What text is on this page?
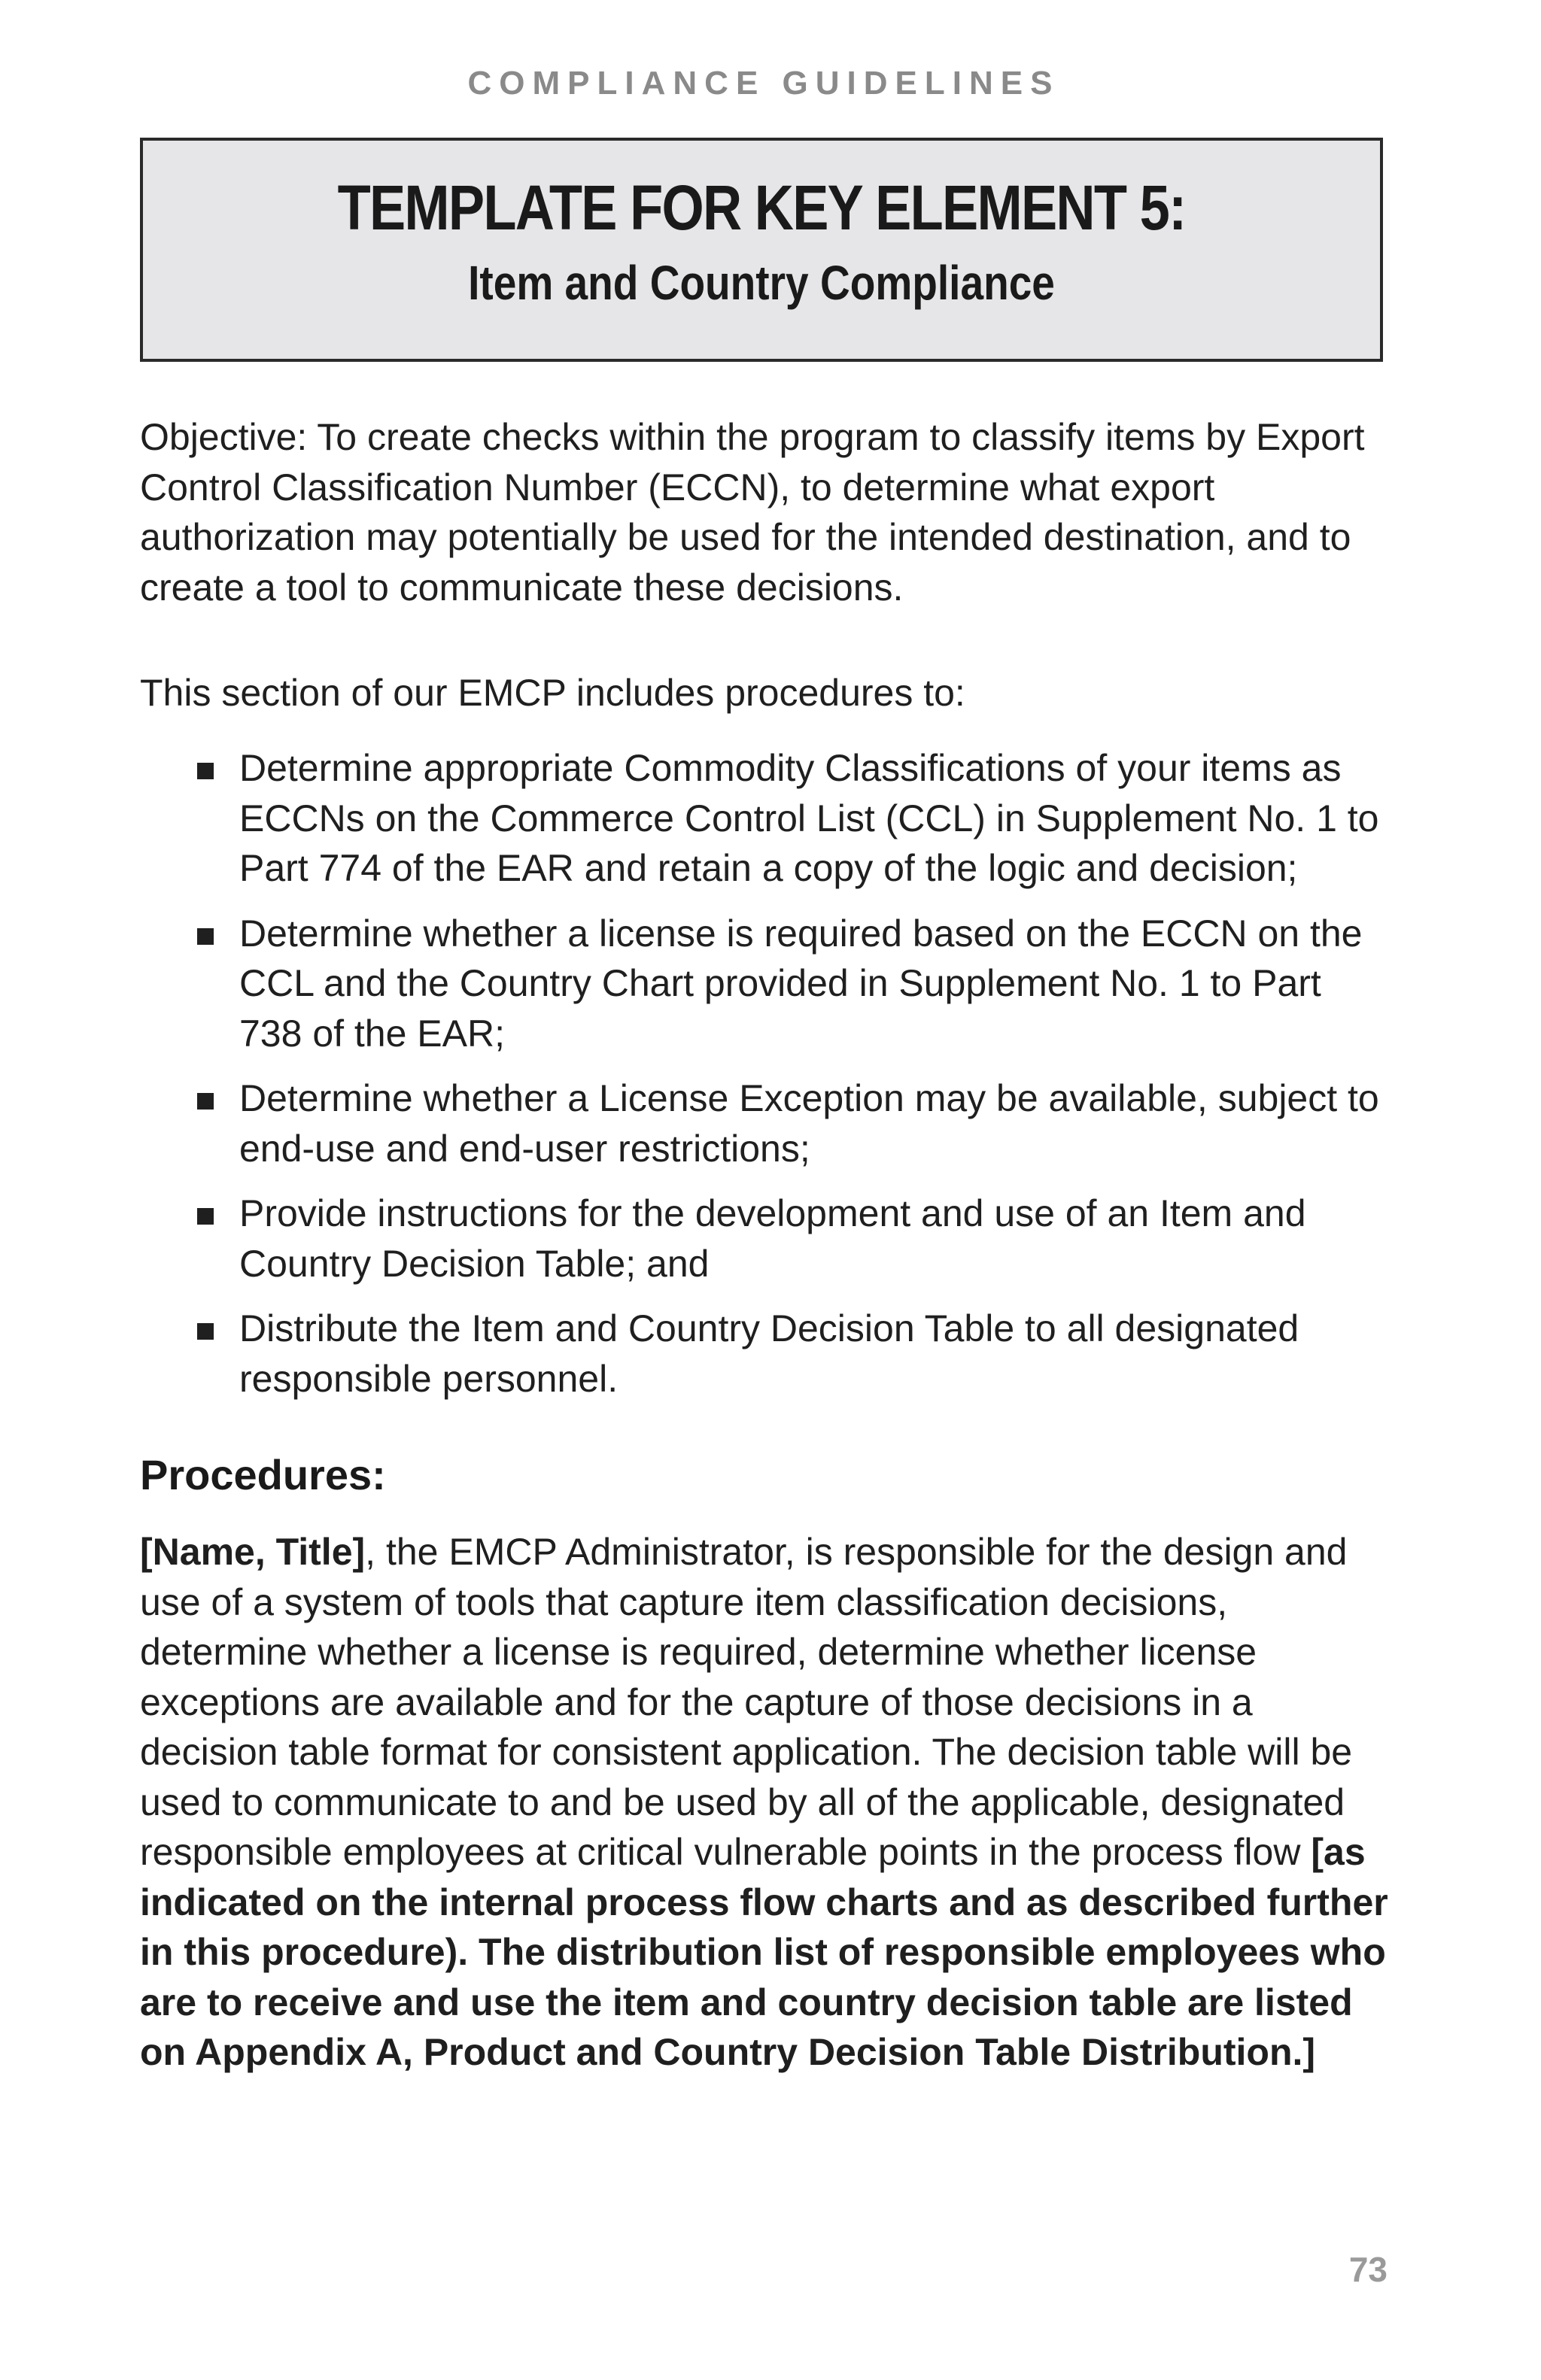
COMPLIANCE GUIDELINES
TEMPLATE FOR KEY ELEMENT 5:
Item and Country Compliance
Objective: To create checks within the program to classify items by Export Control Classification Number (ECCN), to determine what export authorization may potentially be used for the intended destination, and to create a tool to communicate these decisions.
This section of our EMCP includes procedures to:
Determine appropriate Commodity Classifications of your items as ECCNs on the Commerce Control List (CCL) in Supplement No. 1 to Part 774 of the EAR and retain a copy of the logic and decision;
Determine whether a license is required based on the ECCN on the CCL and the Country Chart provided in Supplement No. 1 to Part 738 of the EAR;
Determine whether a License Exception may be available, subject to end-use and end-user restrictions;
Provide instructions for the development and use of an Item and Country Decision Table; and
Distribute the Item and Country Decision Table to all designated responsible personnel.
Procedures:
[Name, Title], the EMCP Administrator, is responsible for the design and use of a system of tools that capture item classification decisions, determine whether a license is required, determine whether license exceptions are available and for the capture of those decisions in a decision table format for consistent application. The decision table will be used to communicate to and be used by all of the applicable, designated responsible employees at critical vulnerable points in the process flow [as indicated on the internal process flow charts and as described further in this procedure). The distribution list of responsible employees who are to receive and use the item and country decision table are listed on Appendix A, Product and Country Decision Table Distribution.]
73
